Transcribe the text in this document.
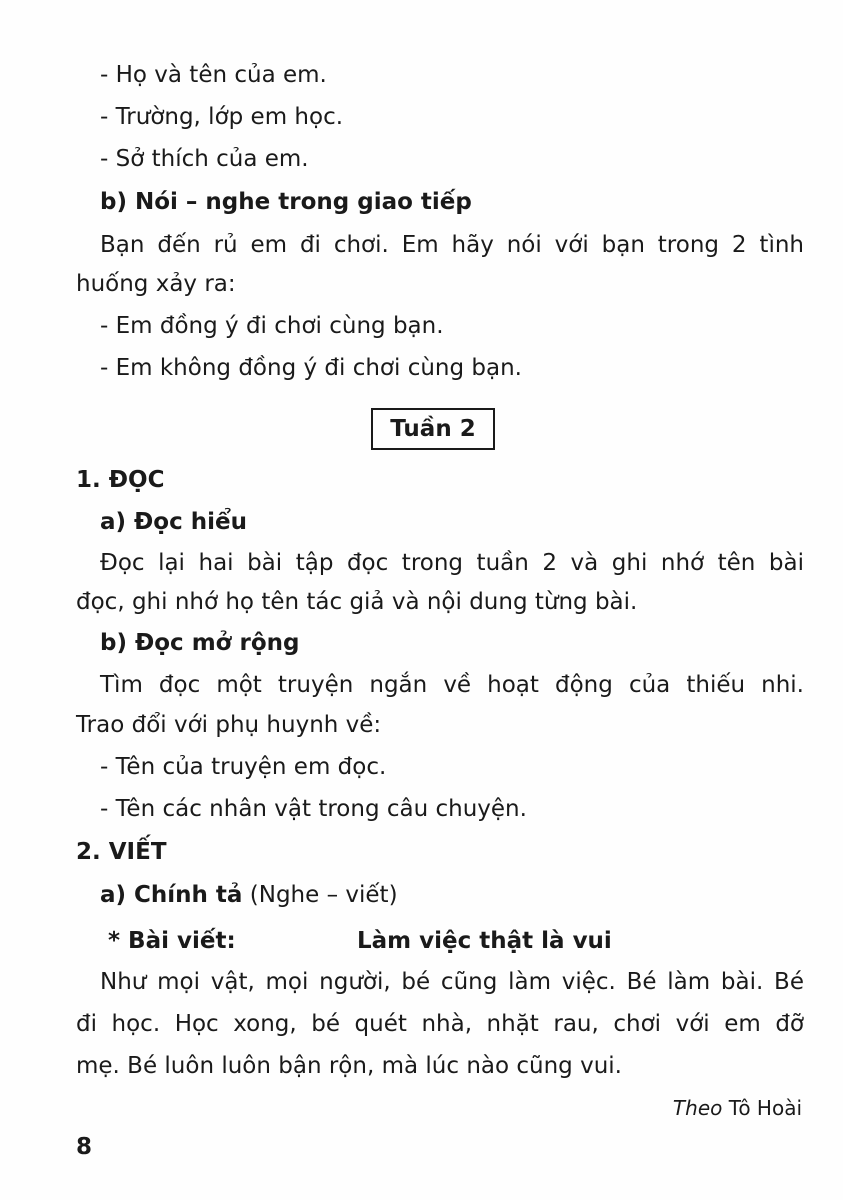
- Họ và tên của em.

- Trường, lớp em học.

- Sở thích của em.

b) Nói – nghe trong giao tiếp

Bạn đến rủ em đi chơi. Em hãy nói với bạn trong 2 tình

huống xảy ra:

- Em đồng ý đi chơi cùng bạn.

- Em không đồng ý đi chơi cùng bạn.

Tuần 2

1. ĐỌC

a) Đọc hiểu

Đọc lại hai bài tập đọc trong tuần 2 và ghi nhớ tên bài

đọc, ghi nhớ họ tên tác giả và nội dung từng bài.

b) Đọc mở rộng

Tìm đọc một truyện ngắn về hoạt động của thiếu nhi.

Trao đổi với phụ huynh về:

- Tên của truyện em đọc.

- Tên các nhân vật trong câu chuyện.

2. VIẾT

a) Chính tả (Nghe – viết)

* Bài viết:	Làm việc thật là vui

Như mọi vật, mọi người, bé cũng làm việc. Bé làm bài. Bé

đi học. Học xong, bé quét nhà, nhặt rau, chơi với em đỡ

mẹ. Bé luôn luôn bận rộn, mà lúc nào cũng vui.

Theo Tô Hoài

8
